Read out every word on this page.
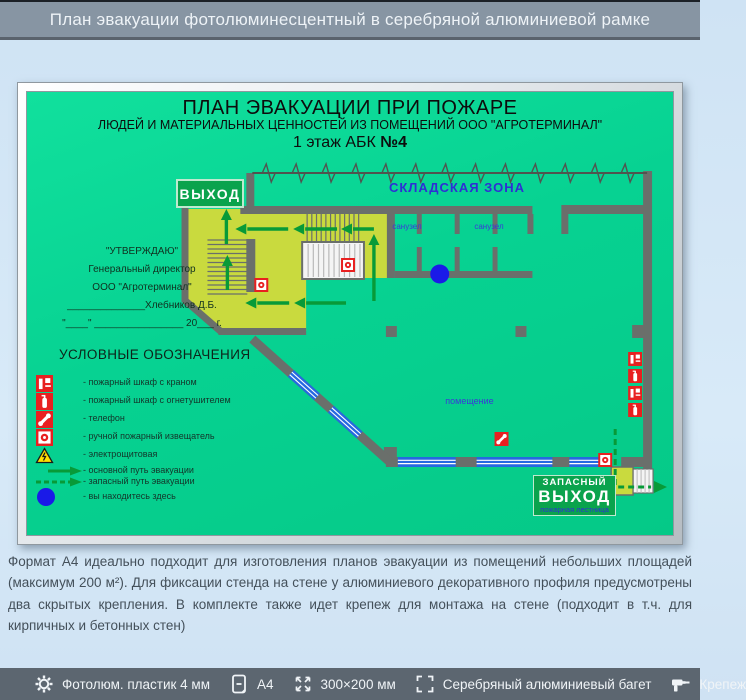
План эвакуации фотолюминесцентный в серебряной алюминиевой рамке
ПЛАН ЭВАКУАЦИИ ПРИ ПОЖАРЕ
ЛЮДЕЙ И МАТЕРИАЛЬНЫХ ЦЕННОСТЕЙ ИЗ ПОМЕЩЕНИЙ ООО "АГРОТЕРМИНАЛ"
1 этаж АБК №4
ВЫХОД	СКЛАДСКАЯ ЗОНА
"УТВЕРЖДАЮ"
Генеральный директор
ООО "Агротерминал"
______________Хлебников Д.Б.
"____" ________________ 20___ г.
санузел	санузел
помещение
ЗАПАСНЫЙ
ВЫХОД
пожарная лестница
УСЛОВНЫЕ ОБОЗНАЧЕНИЯ
- пожарный шкаф с краном
- пожарный шкаф с огнетушителем
- телефон
- ручной пожарный извещатель
- электрощитовая
- основной путь эвакуации
- запасный путь эвакуации
- вы находитесь здесь
Формат А4 идеально подходит для изготовления планов эвакуации из помещений небольших площадей (максимум 200 м²). Для фиксации стенда на стене у алюминиевого декоративного профиля предусмотрены два скрытых крепления. В комплекте также идет крепеж для монтажа на стене (подходит в т.ч. для кирпичных и бетонных стен)
Фотолюм. пластик 4 мм	А4	300×200 мм	Серебряный алюминиевый багет	Крепеж
